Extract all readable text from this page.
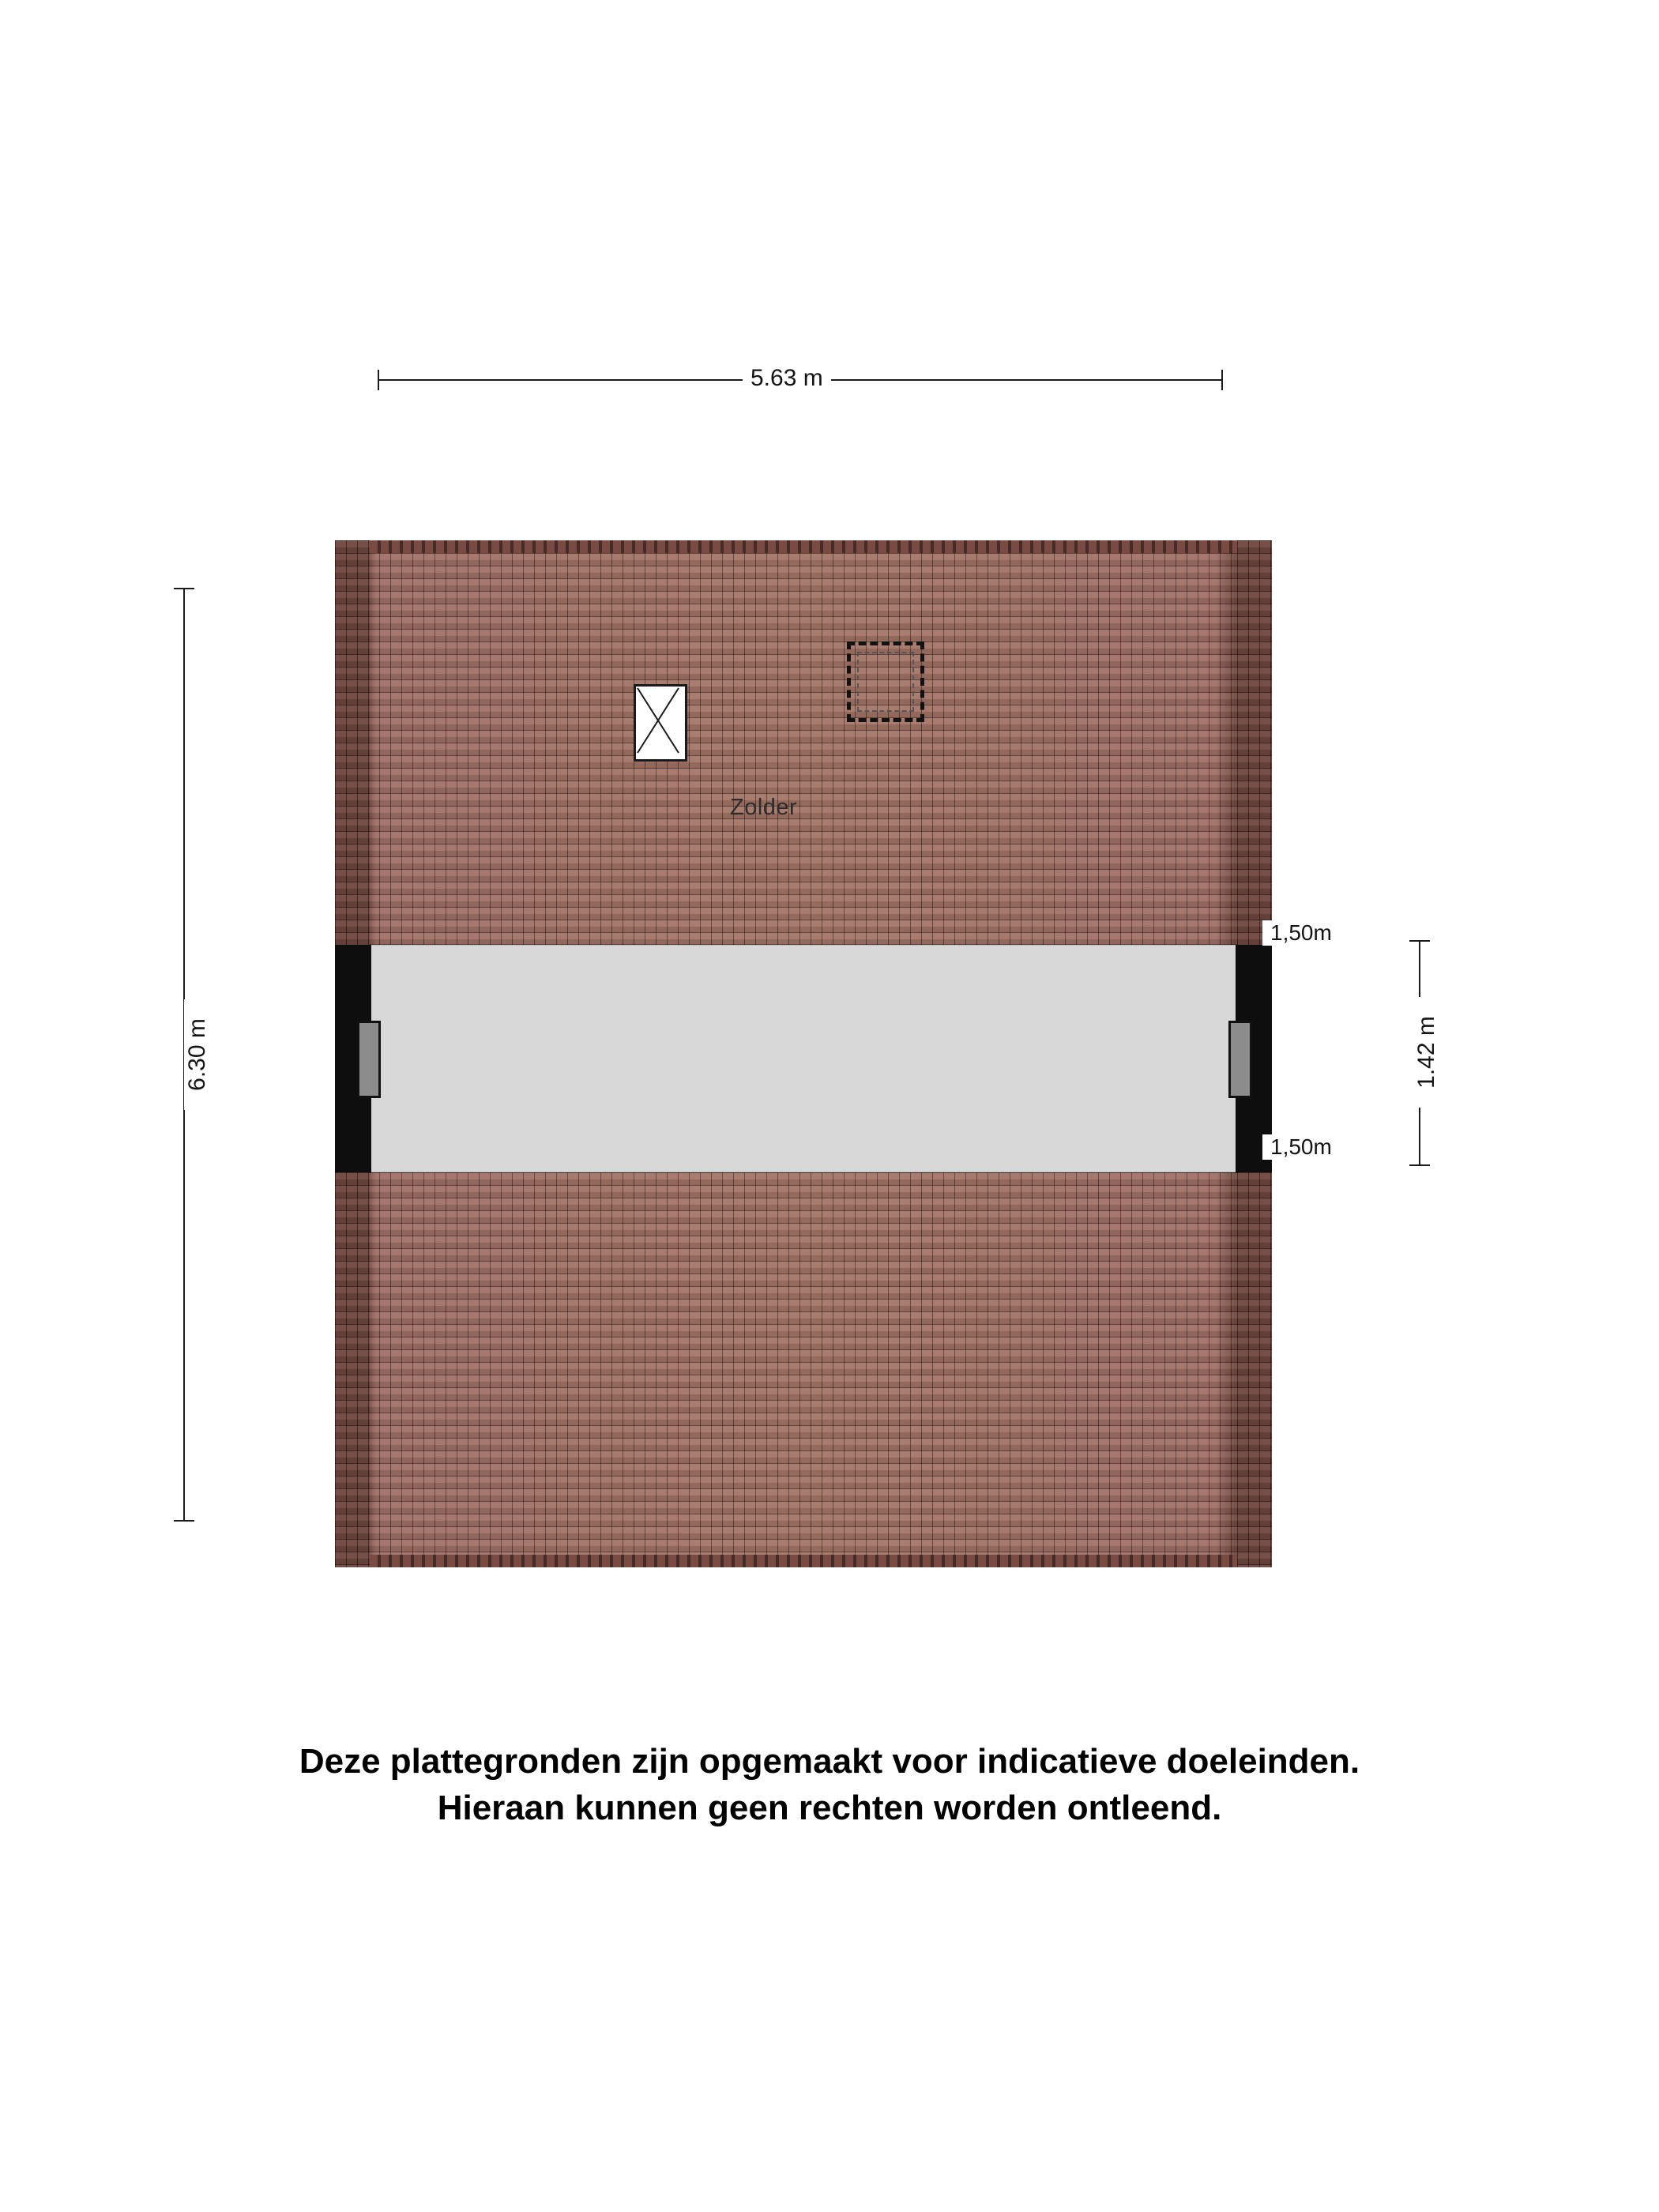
5.63 m
6.30 m
Zolder
1,50m
1,50m
1.42 m
Deze plattegronden zijn opgemaakt voor indicatieve doeleinden.
Hieraan kunnen geen rechten worden ontleend.
